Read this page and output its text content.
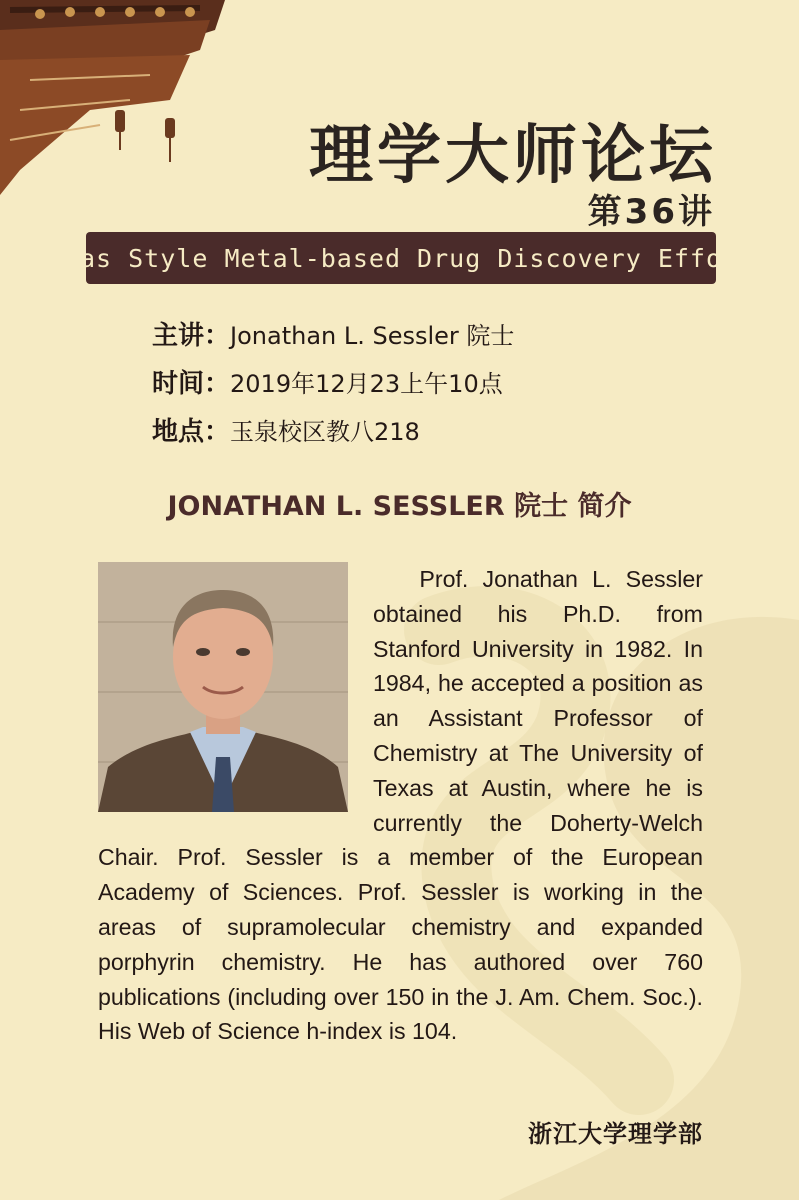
理学大师论坛
第36讲
Texas Style Metal-based Drug Discovery Efforts
主讲：Jonathan L. Sessler 院士
时间：2019年12月23上午10点
地点：玉泉校区教八218
JONATHAN L. SESSLER 院士 简介

Prof. Jonathan L. Sessler obtained his Ph.D. from Stanford University in 1982. In 1984, he accepted a position as an Assistant Professor of Chemistry at The University of Texas at Austin, where he is currently the Doherty-Welch Chair. Prof. Sessler is a member of the European Academy of Sciences. Prof. Sessler is working in the areas of supramolecular chemistry and expanded porphyrin chemistry. He has authored over 760 publications (including over 150 in the J. Am. Chem. Soc.). His Web of Science h-index is 104.

浙江大学理学部
